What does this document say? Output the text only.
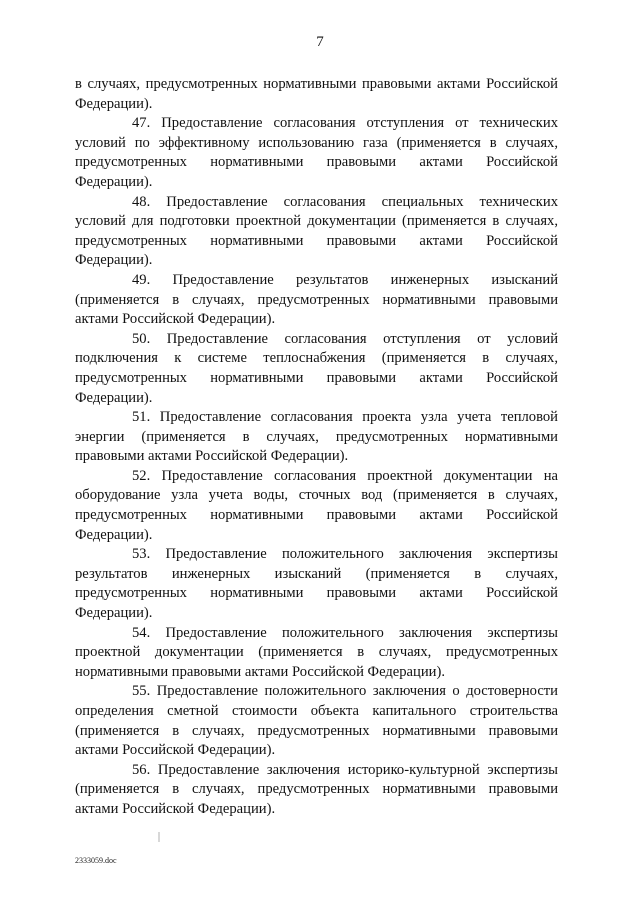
7

в случаях, предусмотренных нормативными правовыми актами Российской Федерации).

47. Предоставление согласования отступления от технических условий по эффективному использованию газа (применяется в случаях, предусмотренных нормативными правовыми актами Российской Федерации).

48. Предоставление согласования специальных технических условий для подготовки проектной документации (применяется в случаях, предусмотренных нормативными правовыми актами Российской Федерации).

49. Предоставление результатов инженерных изысканий (применяется в случаях, предусмотренных нормативными правовыми актами Российской Федерации).

50. Предоставление согласования отступления от условий подключения к системе теплоснабжения (применяется в случаях, предусмотренных нормативными правовыми актами Российской Федерации).

51. Предоставление согласования проекта узла учета тепловой энергии (применяется в случаях, предусмотренных нормативными правовыми актами Российской Федерации).

52. Предоставление согласования проектной документации на оборудование узла учета воды, сточных вод (применяется в случаях, предусмотренных нормативными правовыми актами Российской Федерации).

53. Предоставление положительного заключения экспертизы результатов инженерных изысканий (применяется в случаях, предусмотренных нормативными правовыми актами Российской Федерации).

54. Предоставление положительного заключения экспертизы проектной документации (применяется в случаях, предусмотренных нормативными правовыми актами Российской Федерации).

55. Предоставление положительного заключения о достоверности определения сметной стоимости объекта капитального строительства (применяется в случаях, предусмотренных нормативными правовыми актами Российской Федерации).

56. Предоставление заключения историко-культурной экспертизы (применяется в случаях, предусмотренных нормативными правовыми актами Российской Федерации).

2333059.doc
